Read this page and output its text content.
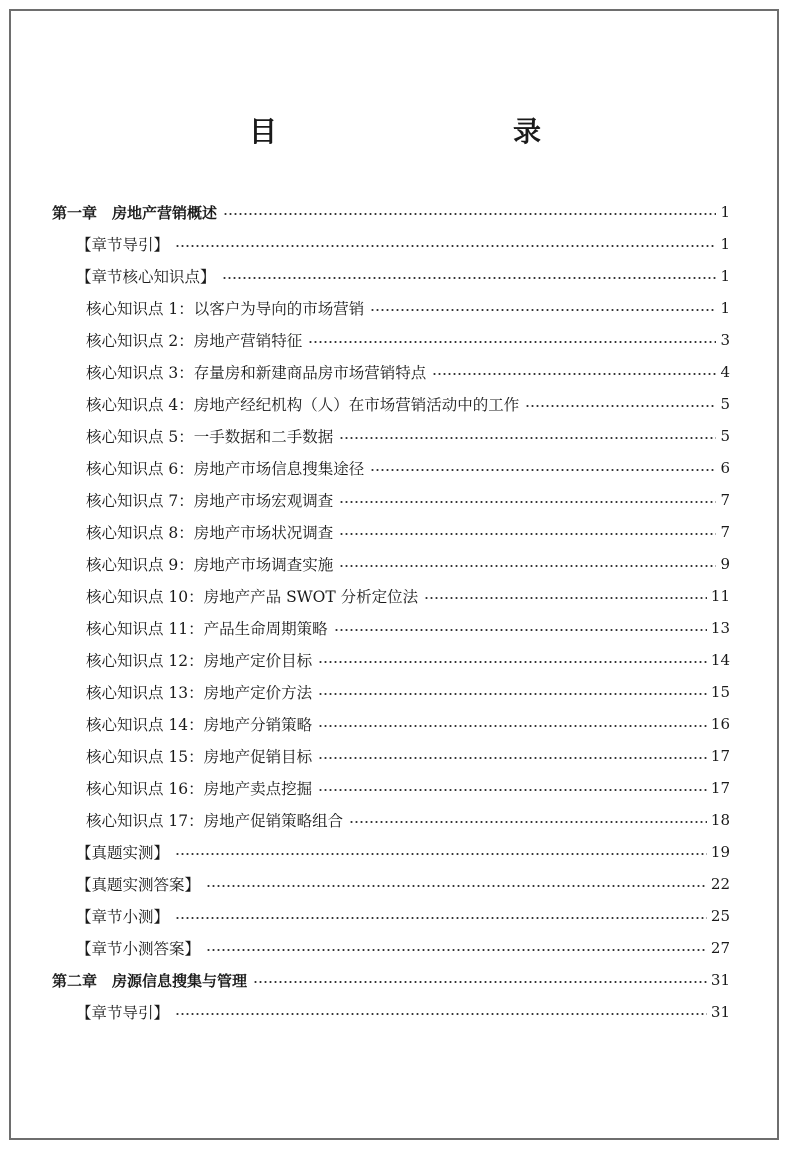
目　　录
第一章　房地产营销概述	1
【章节导引】	1
【章节核心知识点】	1
核心知识点 1：以客户为导向的市场营销	1
核心知识点 2：房地产营销特征	3
核心知识点 3：存量房和新建商品房市场营销特点	4
核心知识点 4：房地产经纪机构（人）在市场营销活动中的工作	5
核心知识点 5：一手数据和二手数据	5
核心知识点 6：房地产市场信息搜集途径	6
核心知识点 7：房地产市场宏观调查	7
核心知识点 8：房地产市场状况调查	7
核心知识点 9：房地产市场调查实施	9
核心知识点 10：房地产产品 SWOT 分析定位法	11
核心知识点 11：产品生命周期策略	13
核心知识点 12：房地产定价目标	14
核心知识点 13：房地产定价方法	15
核心知识点 14：房地产分销策略	16
核心知识点 15：房地产促销目标	17
核心知识点 16：房地产卖点挖掘	17
核心知识点 17：房地产促销策略组合	18
【真题实测】	19
【真题实测答案】	22
【章节小测】	25
【章节小测答案】	27
第二章　房源信息搜集与管理	31
【章节导引】	31
